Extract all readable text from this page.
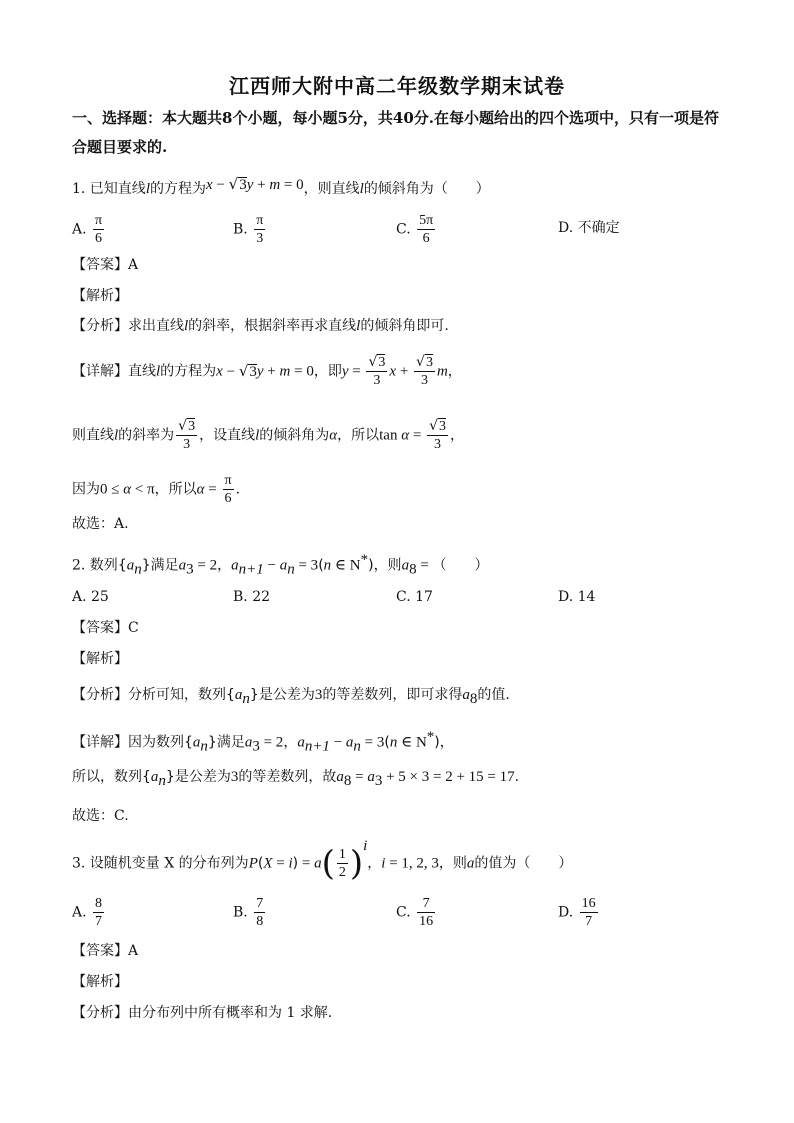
江西师大附中高二年级数学期末试卷
一、选择题：本大题共8个小题，每小题5分，共40分.在每小题给出的四个选项中，只有一项是符合题目要求的.
1. 已知直线l的方程为x − √3y + m = 0，则直线l的倾斜角为（　　）
A. $\frac{\pi}{6}$	B. $\frac{\pi}{3}$	C. $\frac{5\pi}{6}$	D. 不确定
【答案】A
【解析】
【分析】求出直线l的斜率，根据斜率再求直线l的倾斜角即可.
【详解】直线l的方程为x − √3y + m = 0，即$y = \frac{√3}{3}$ $x + \frac{√3}{3}$ m，
则直线l的斜率为 $\frac{√3}{3}$ ，设直线l的倾斜角为α，所以$\tan \alpha = \frac{√3}{3}$ ，
因为0 ≤ α < π，所以$\alpha = \frac{\pi}{6}$ .
故选：A.
2. 数列$\{a_n\}$满足$a_3 = 2$，$a_{n+1} - a_n = 3(n$ ∈ N*)，则$a_8$ = （　　）
A. 25	B. 22	C. 17	D. 14
【答案】C
【解析】
【分析】分析可知，数列$\{a_n\}$是公差为3的等差数列，即可求得$a_8$的值.
【详解】因为数列$\{a_n\}$满足$a_3 = 2$，$a_{n+1} - a_n = 3(n$ ∈ N*)，
所以，数列$\{a_n\}$是公差为3的等差数列，故$a_8 = a_3 + 5 \times 3 = 2 + 15 = 17$.
故选：C.
3. 设随机变量 X 的分布列为$P(X = i) = a( \frac{1}{2} )^i$，i = 1, 2, 3，则a的值为（　　）
A. $\frac{8}{7}$	B. $\frac{7}{8}$	C. $\frac{7}{16}$	D. $\frac{16}{7}$
【答案】A
【解析】
【分析】由分布列中所有概率和为 1 求解.
